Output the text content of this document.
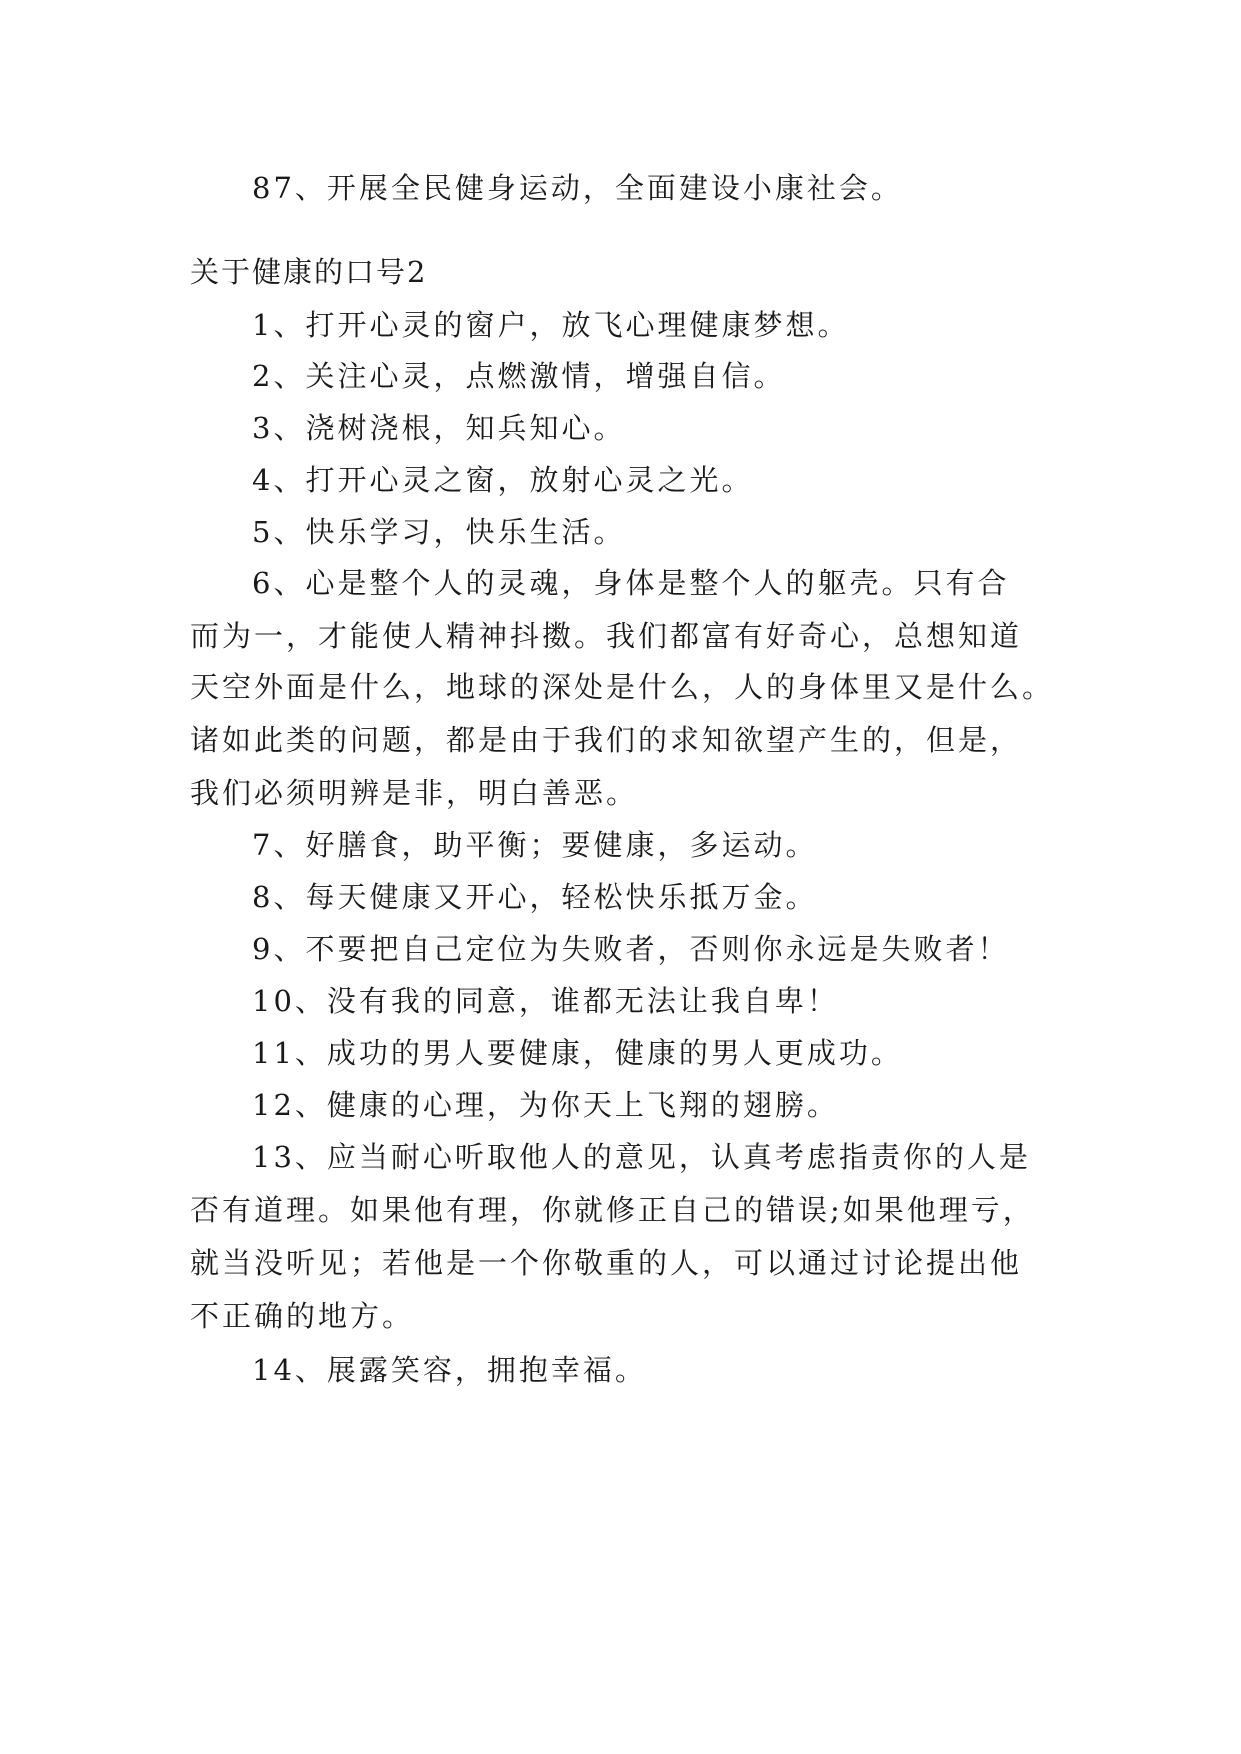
87、开展全民健身运动，全面建设小康社会。
关于健康的口号2
1、打开心灵的窗户，放飞心理健康梦想。
2、关注心灵，点燃激情，增强自信。
3、浇树浇根，知兵知心。
4、打开心灵之窗，放射心灵之光。
5、快乐学习，快乐生活。
6、心是整个人的灵魂，身体是整个人的躯壳。只有合
而为一，才能使人精神抖擞。我们都富有好奇心，总想知道
天空外面是什么，地球的深处是什么，人的身体里又是什么。
诸如此类的问题，都是由于我们的求知欲望产生的，但是，
我们必须明辨是非，明白善恶。
7、好膳食，助平衡；要健康，多运动。
8、每天健康又开心，轻松快乐抵万金。
9、不要把自己定位为失败者，否则你永远是失败者！
10、没有我的同意，谁都无法让我自卑！
11、成功的男人要健康，健康的男人更成功。
12、健康的心理，为你天上飞翔的翅膀。
13、应当耐心听取他人的意见，认真考虑指责你的人是
否有道理。如果他有理，你就修正自己的错误;如果他理亏，
就当没听见；若他是一个你敬重的人，可以通过讨论提出他
不正确的地方。
14、展露笑容，拥抱幸福。
